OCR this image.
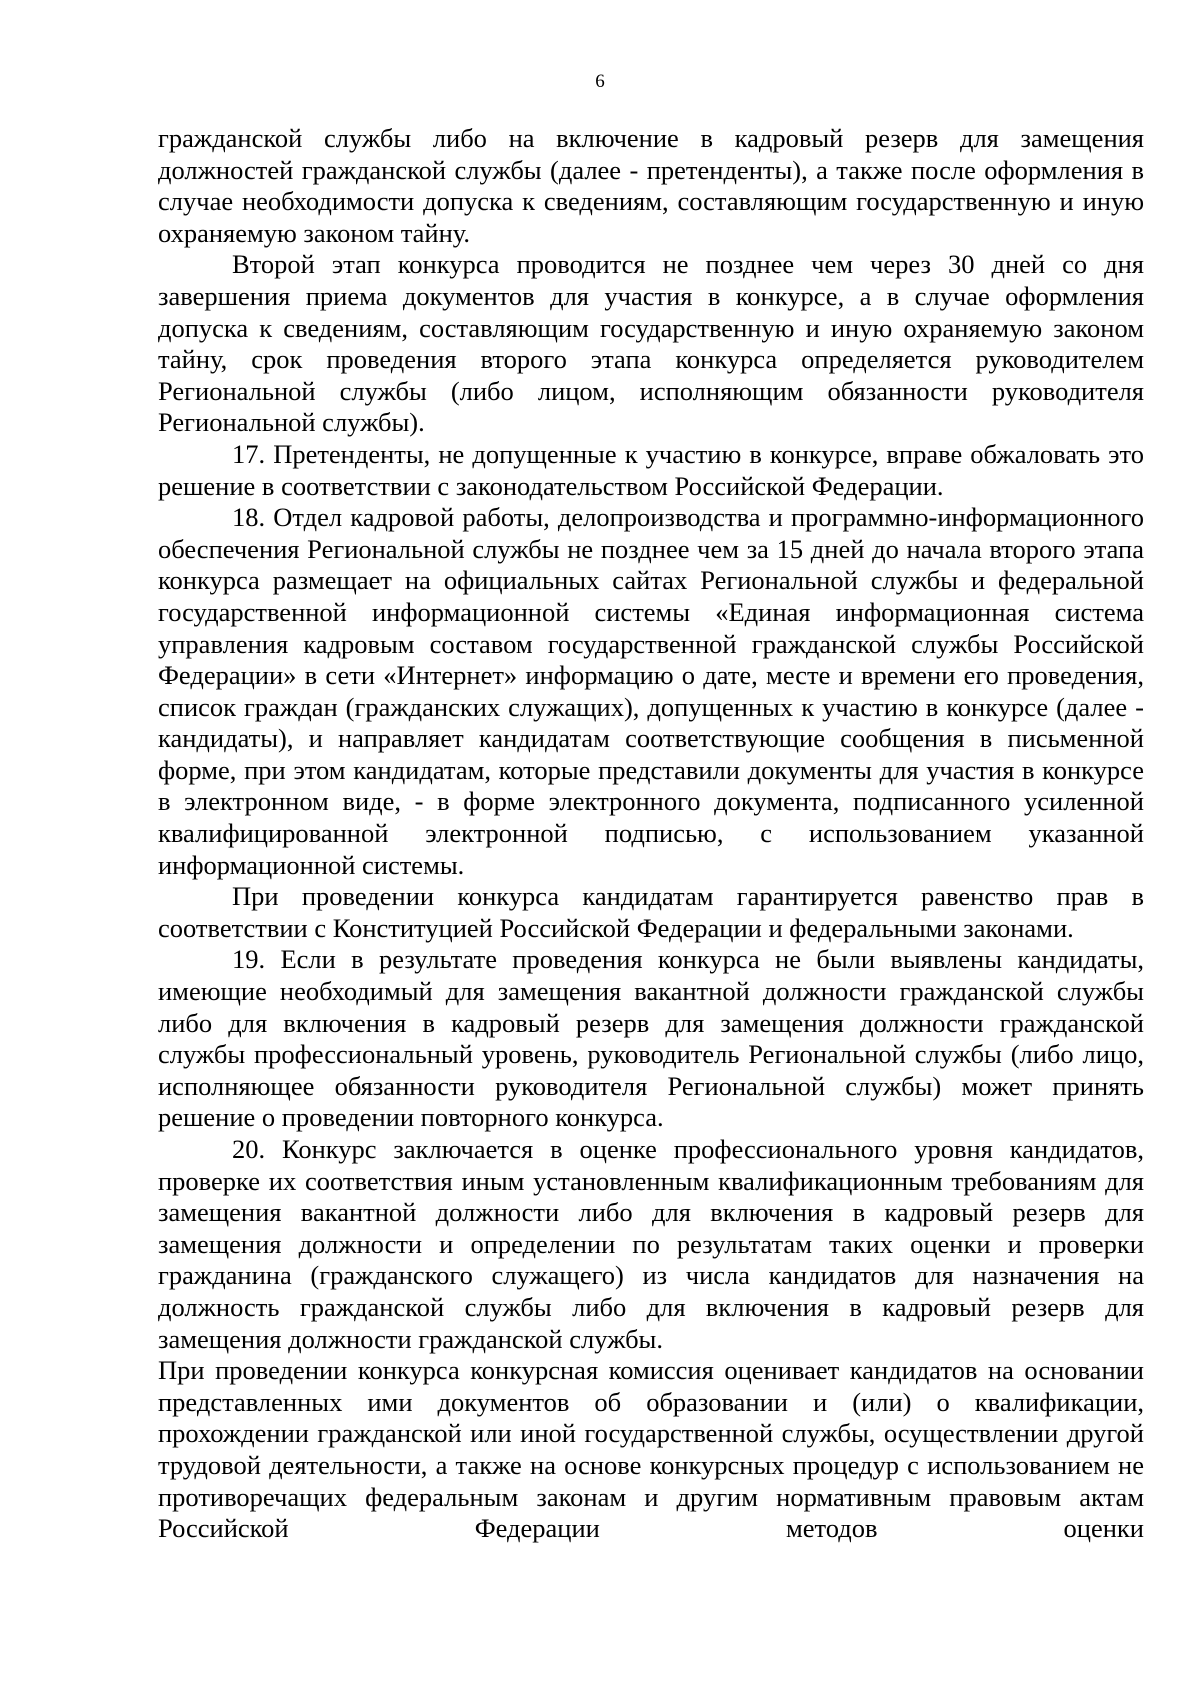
6

гражданской службы либо на включение в кадровый резерв для замещения должностей гражданской службы (далее - претенденты), а также после оформления в случае необходимости допуска к сведениям, составляющим государственную и иную охраняемую законом тайну.

Второй этап конкурса проводится не позднее чем через 30 дней со дня завершения приема документов для участия в конкурсе, а в случае оформления допуска к сведениям, составляющим государственную и иную охраняемую законом тайну, срок проведения второго этапа конкурса определяется руководителем Региональной службы (либо лицом, исполняющим обязанности руководителя Региональной службы).

17. Претенденты, не допущенные к участию в конкурсе, вправе обжаловать это решение в соответствии с законодательством Российской Федерации.

18. Отдел кадровой работы, делопроизводства и программно-информационного обеспечения Региональной службы не позднее чем за 15 дней до начала второго этапа конкурса размещает на официальных сайтах Региональной службы и федеральной государственной информационной системы «Единая информационная система управления кадровым составом государственной гражданской службы Российской Федерации» в сети «Интернет» информацию о дате, месте и времени его проведения, список граждан (гражданских служащих), допущенных к участию в конкурсе (далее - кандидаты), и направляет кандидатам соответствующие сообщения в письменной форме, при этом кандидатам, которые представили документы для участия в конкурсе в электронном виде, - в форме электронного документа, подписанного усиленной квалифицированной электронной подписью, с использованием указанной информационной системы.

При проведении конкурса кандидатам гарантируется равенство прав в соответствии с Конституцией Российской Федерации и федеральными законами.

19. Если в результате проведения конкурса не были выявлены кандидаты, имеющие необходимый для замещения вакантной должности гражданской службы либо для включения в кадровый резерв для замещения должности гражданской службы профессиональный уровень, руководитель Региональной службы (либо лицо, исполняющее обязанности руководителя Региональной службы) может принять решение о проведении повторного конкурса.

20. Конкурс заключается в оценке профессионального уровня кандидатов, проверке их соответствия иным установленным квалификационным требованиям для замещения вакантной должности либо для включения в кадровый резерв для замещения должности и определении по результатам таких оценки и проверки гражданина (гражданского служащего) из числа кандидатов для назначения на должность гражданской службы либо для включения в кадровый резерв для замещения должности гражданской службы.

При проведении конкурса конкурсная комиссия оценивает кандидатов на основании представленных ими документов об образовании и (или) о квалификации, прохождении гражданской или иной государственной службы, осуществлении другой трудовой деятельности, а также на основе конкурсных процедур с использованием не противоречащих федеральным законам и другим нормативным правовым актам Российской Федерации методов оценки
